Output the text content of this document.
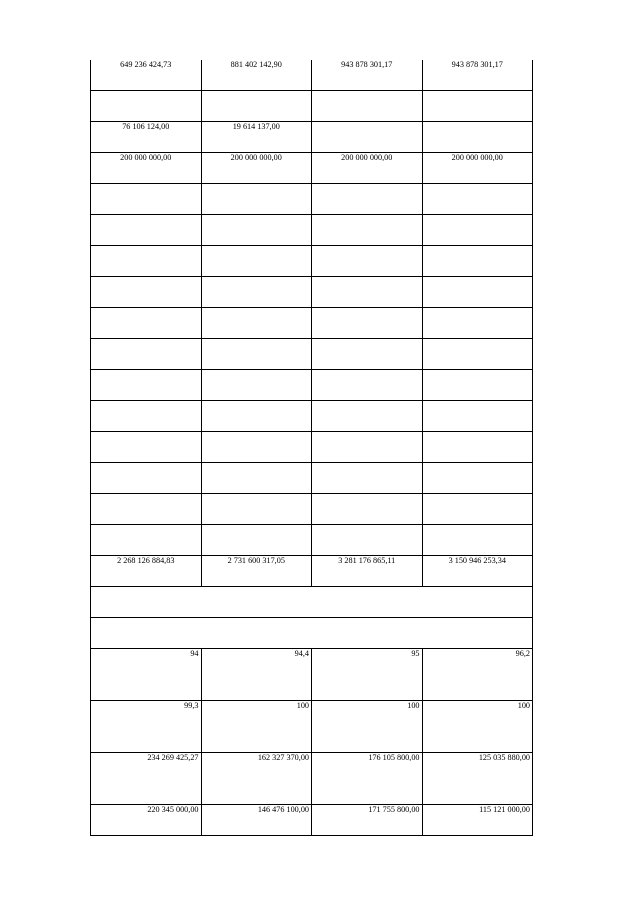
649 236 424,73	881 402 142,90	943 878 301,17	943 878 301,17

76 106 124,00	19 614 137,00		
200 000 000,00	200 000 000,00	200 000 000,00	200 000 000,00

2 268 126 884,83	2 731 600 317,05	3 281 176 865,11	3 150 946 253,34

94	94,4	95	96,2
99,3	100	100	100
234 269 425,27	162 327 370,00	176 105 800,00	125 035 880,00
220 345 000,00	146 476 100,00	171 755 800,00	115 121 000,00
